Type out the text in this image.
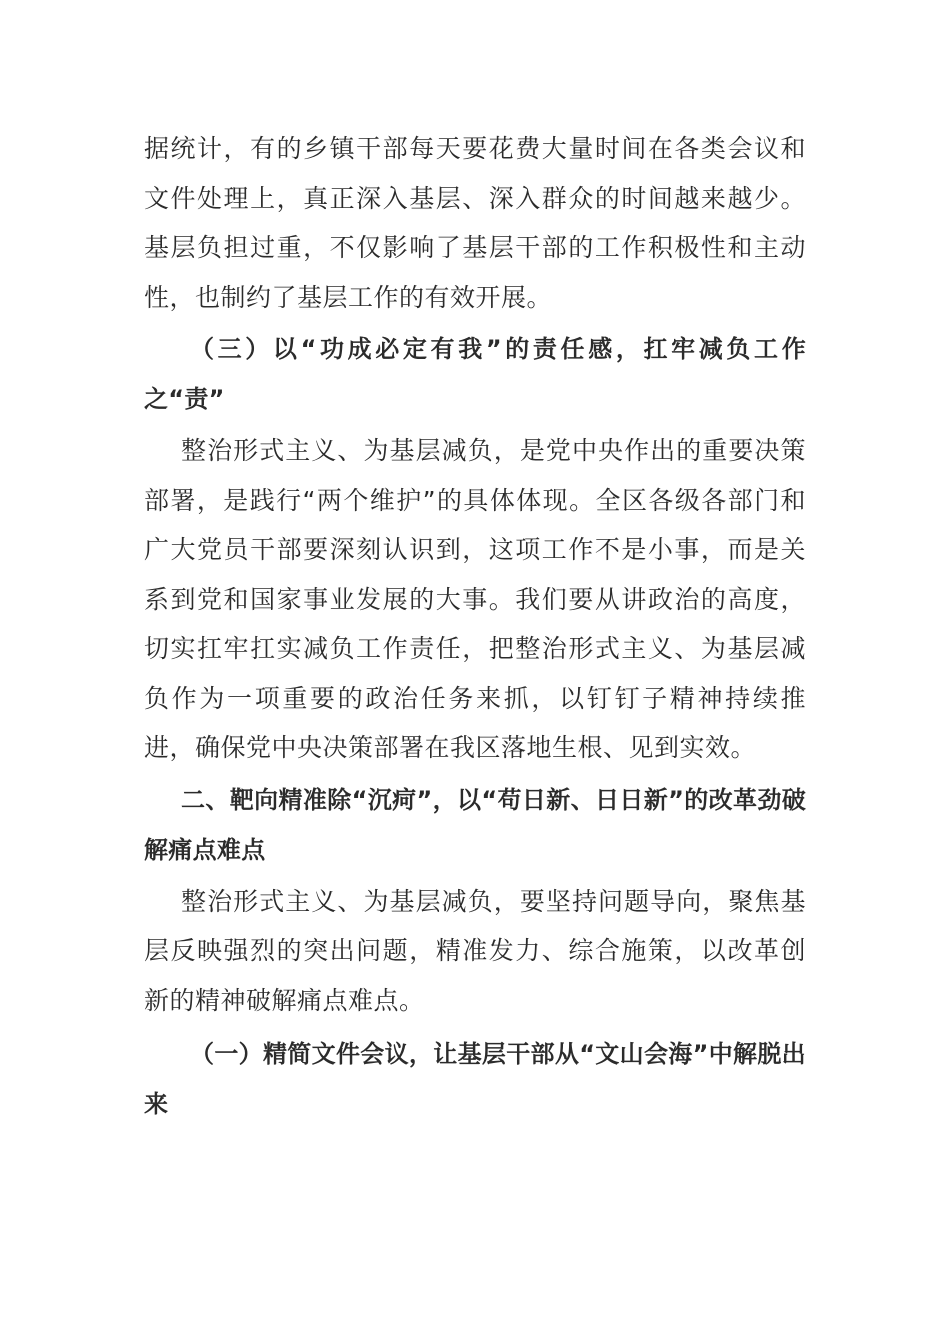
据统计，有的乡镇干部每天要花费大量时间在各类会议和文件处理上，真正深入基层、深入群众的时间越来越少。基层负担过重，不仅影响了基层干部的工作积极性和主动性，也制约了基层工作的有效开展。

（三）以“功成必定有我”的责任感，扛牢减负工作之“责”

整治形式主义、为基层减负，是党中央作出的重要决策部署，是践行“两个维护”的具体体现。全区各级各部门和广大党员干部要深刻认识到，这项工作不是小事，而是关系到党和国家事业发展的大事。我们要从讲政治的高度，切实扛牢扛实减负工作责任，把整治形式主义、为基层减负作为一项重要的政治任务来抓，以钉钉子精神持续推进，确保党中央决策部署在我区落地生根、见到实效。

二、靶向精准除“沉疴”，以“苟日新、日日新”的改革劲破解痛点难点

整治形式主义、为基层减负，要坚持问题导向，聚焦基层反映强烈的突出问题，精准发力、综合施策，以改革创新的精神破解痛点难点。

（一）精简文件会议，让基层干部从“文山会海”中解脱出来
